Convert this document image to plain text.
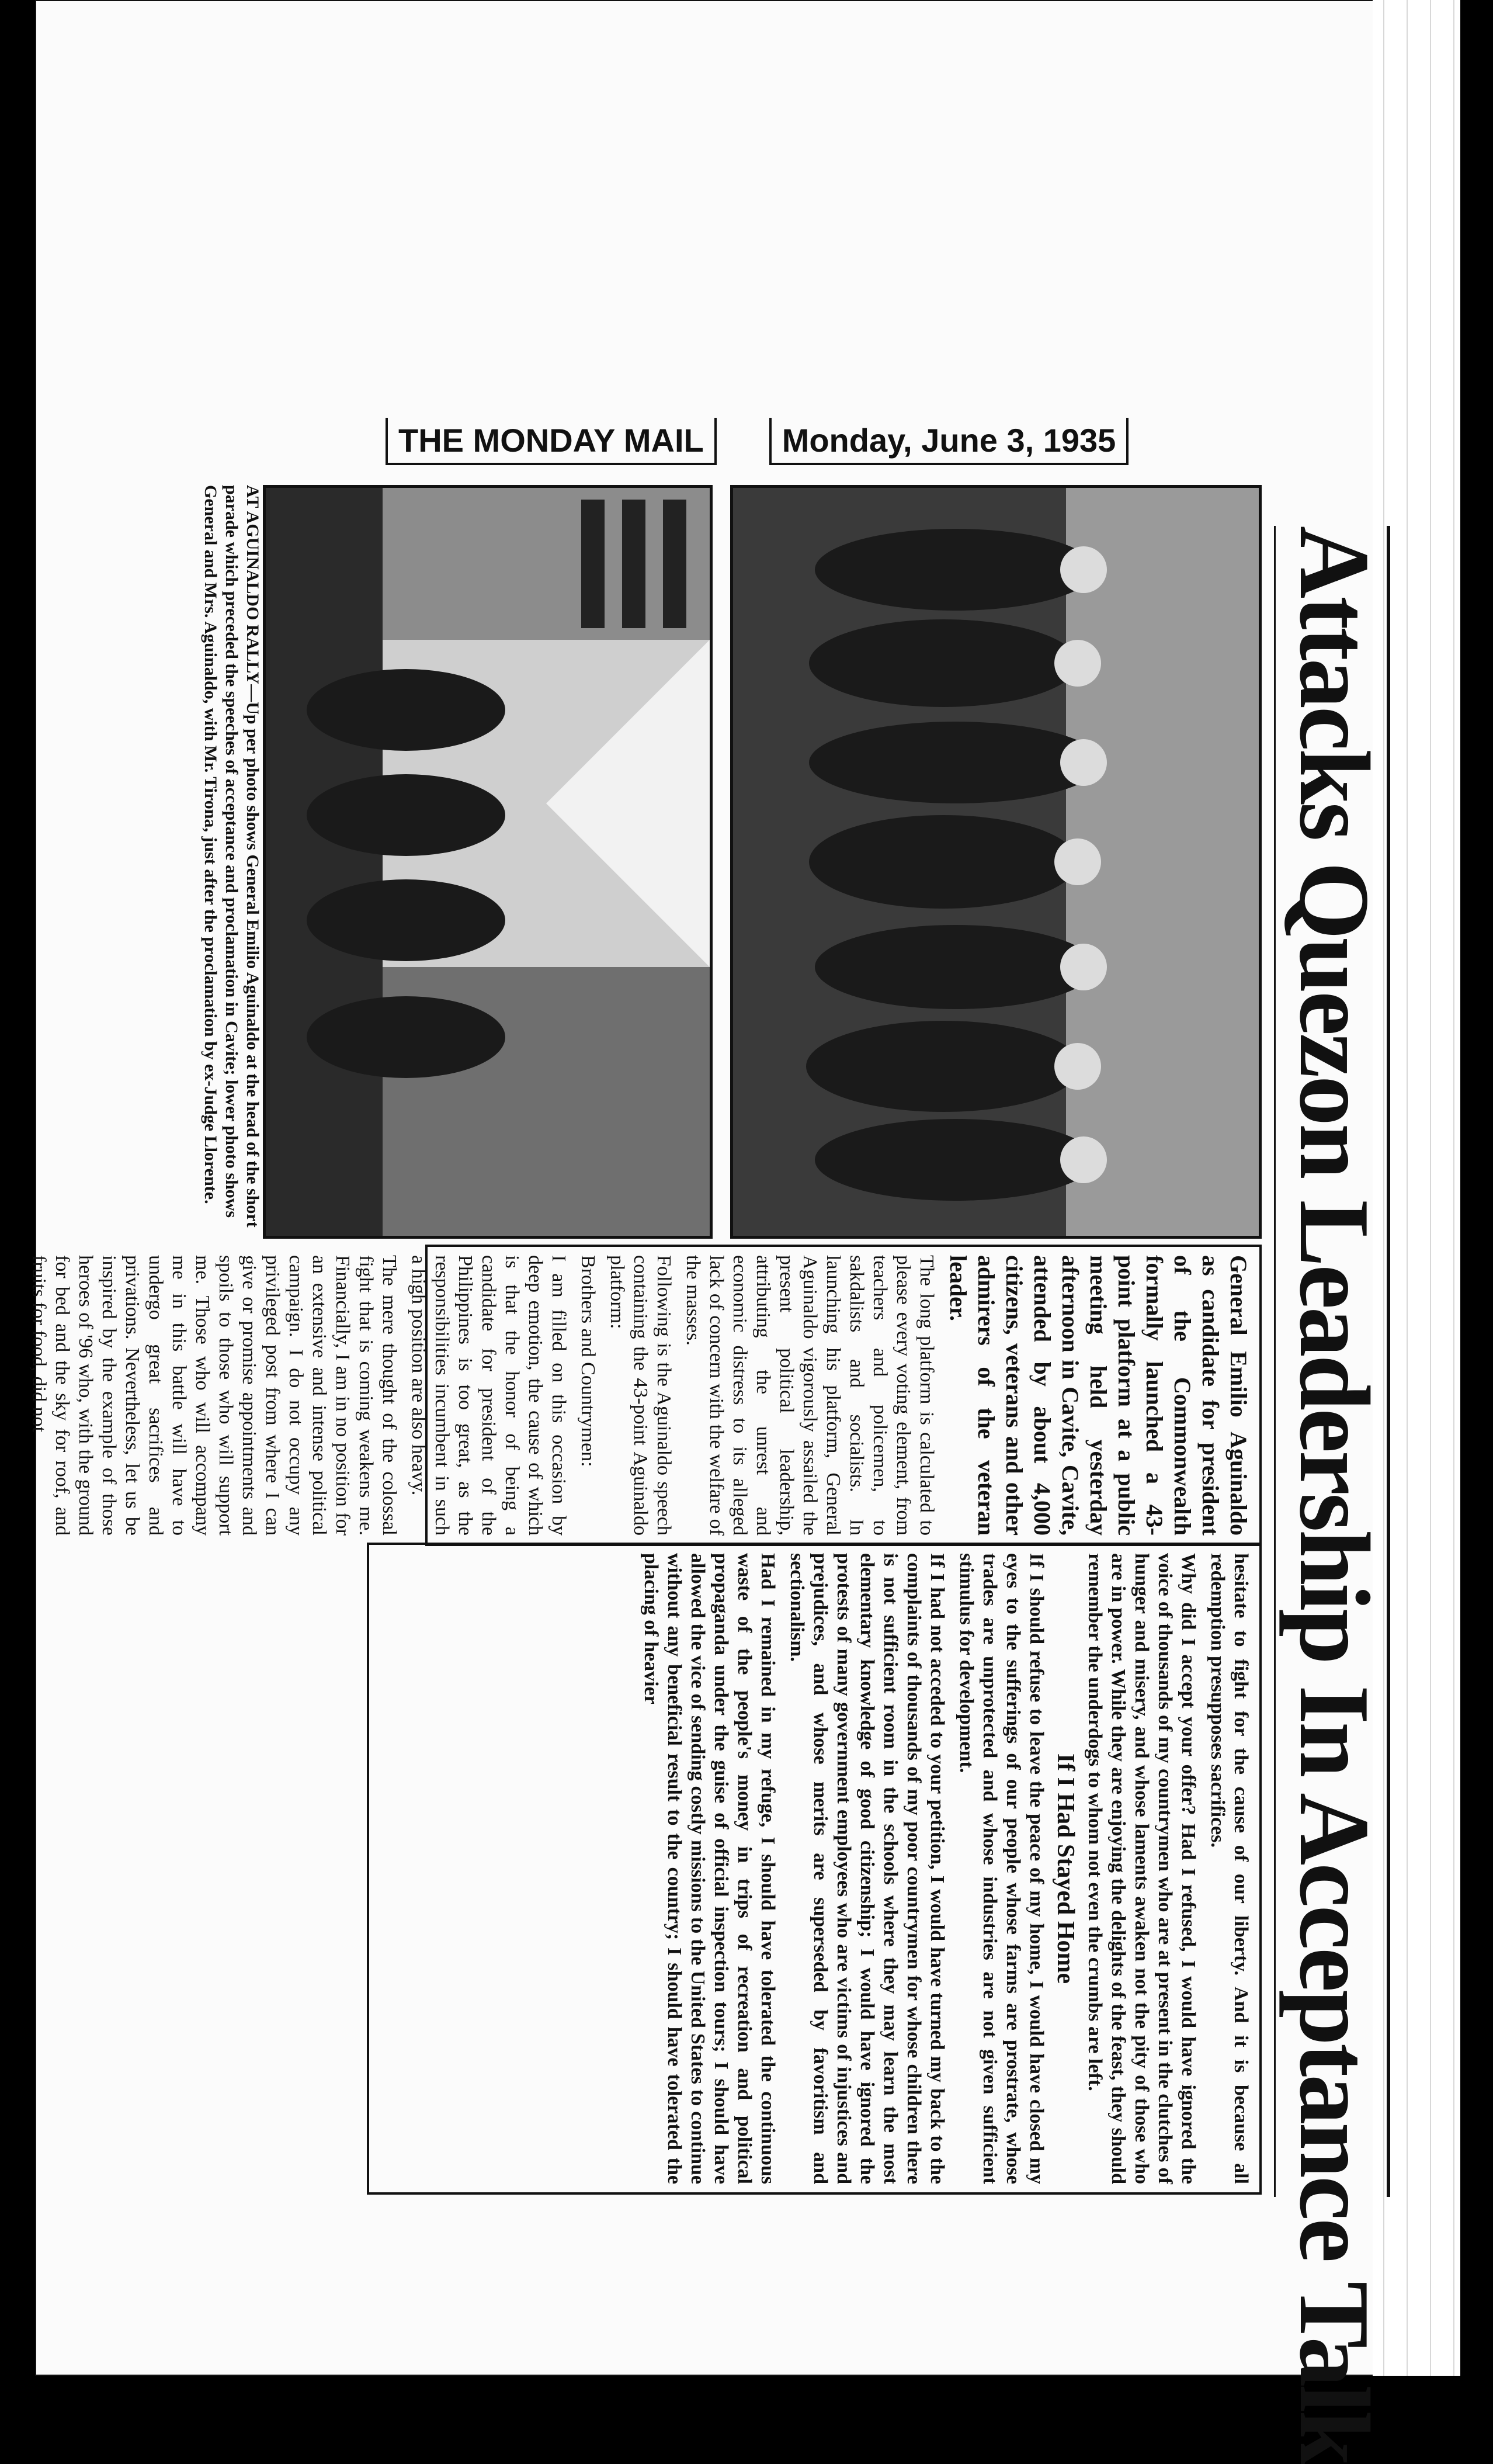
THE MONDAY MAIL	Monday, June 3, 1935
Attacks Quezon Leadership In Acceptance Talk
AT AGUINALDO RALLY—Up per photo shows General Emilio Aguinaldo at the head of the short parade which preceded the speeches of acceptance and proclamation in Cavite; lower photo shows General and Mrs. Aguinaldo, with Mr. Tirona, just after the proclamation by ex-Judge Llorente.

General Emilio Aguinaldo as candidate for president of the Commonwealth formally launched a 43-point platform at a public meeting held yesterday afternoon in Cavite, Cavite, attended by about 4,000 citizens, veterans and other admirers of the veteran leader.

The long platform is calculated to please every voting element, from teachers and policemen, to sakdalists and socialists. In launching his platform, General Aguinaldo vigorously assailed the present political leadership, attributing the unrest and economic distress to its alleged lack of concern with the welfare of the masses.

Following is the Aguinaldo speech containing the 43-point Aguinaldo platform:

Brothers and Countrymen:

I am filled on this occasion by deep emotion, the cause of which is that the honor of being a candidate for president of the Philippines is too great, as the responsibilities incumbent in such a high position are also heavy.

The mere thought of the colossal fight that is coming weakens me. Financially, I am in no position for an extensive and intense political campaign. I do not occupy any privileged post from where I can give or promise appointments and spoils to those who will support me. Those who will accompany me in this battle will have to undergo great sacrifices and privations. Nevertheless, let us be inspired by the example of those heroes of '96 who, with the ground for bed and the sky for roof, and fruits for food, did not

hesitate to fight for the cause of our liberty. And it is because all redemption presupposes sacrifices.

Why did I accept your offer? Had I refused, I would have ignored the voice of thousands of my countrymen who are at present in the clutches of hunger and misery, and whose laments awaken not the pity of those who are in power. While they are enjoying the delights of the feast, they should remember the underdogs to whom not even the crumbs are left.

If I Had Stayed Home

If I should refuse to leave the peace of my home, I would have closed my eyes to the sufferings of our people whose farms are prostrate, whose trades are unprotected and whose industries are not given sufficient stimulus for development.

If I had not acceded to your petition, I would have turned my back to the complaints of thousands of my poor countrymen for whose children there is not sufficient room in the schools where they may learn the most elementary knowledge of good citizenship; I would have ignored the protests of many government employees who are victims of injustices and prejudices, and whose merits are superseded by favoritism and sectionalism.

Had I remained in my refuge, I should have tolerated the continuous waste of the people's money in trips of recreation and political propaganda under the guise of official inspection tours; I should have allowed the vice of sending costly missions to the United States to continue without any beneficial result to the country; I should have tolerated the placing of heavier
